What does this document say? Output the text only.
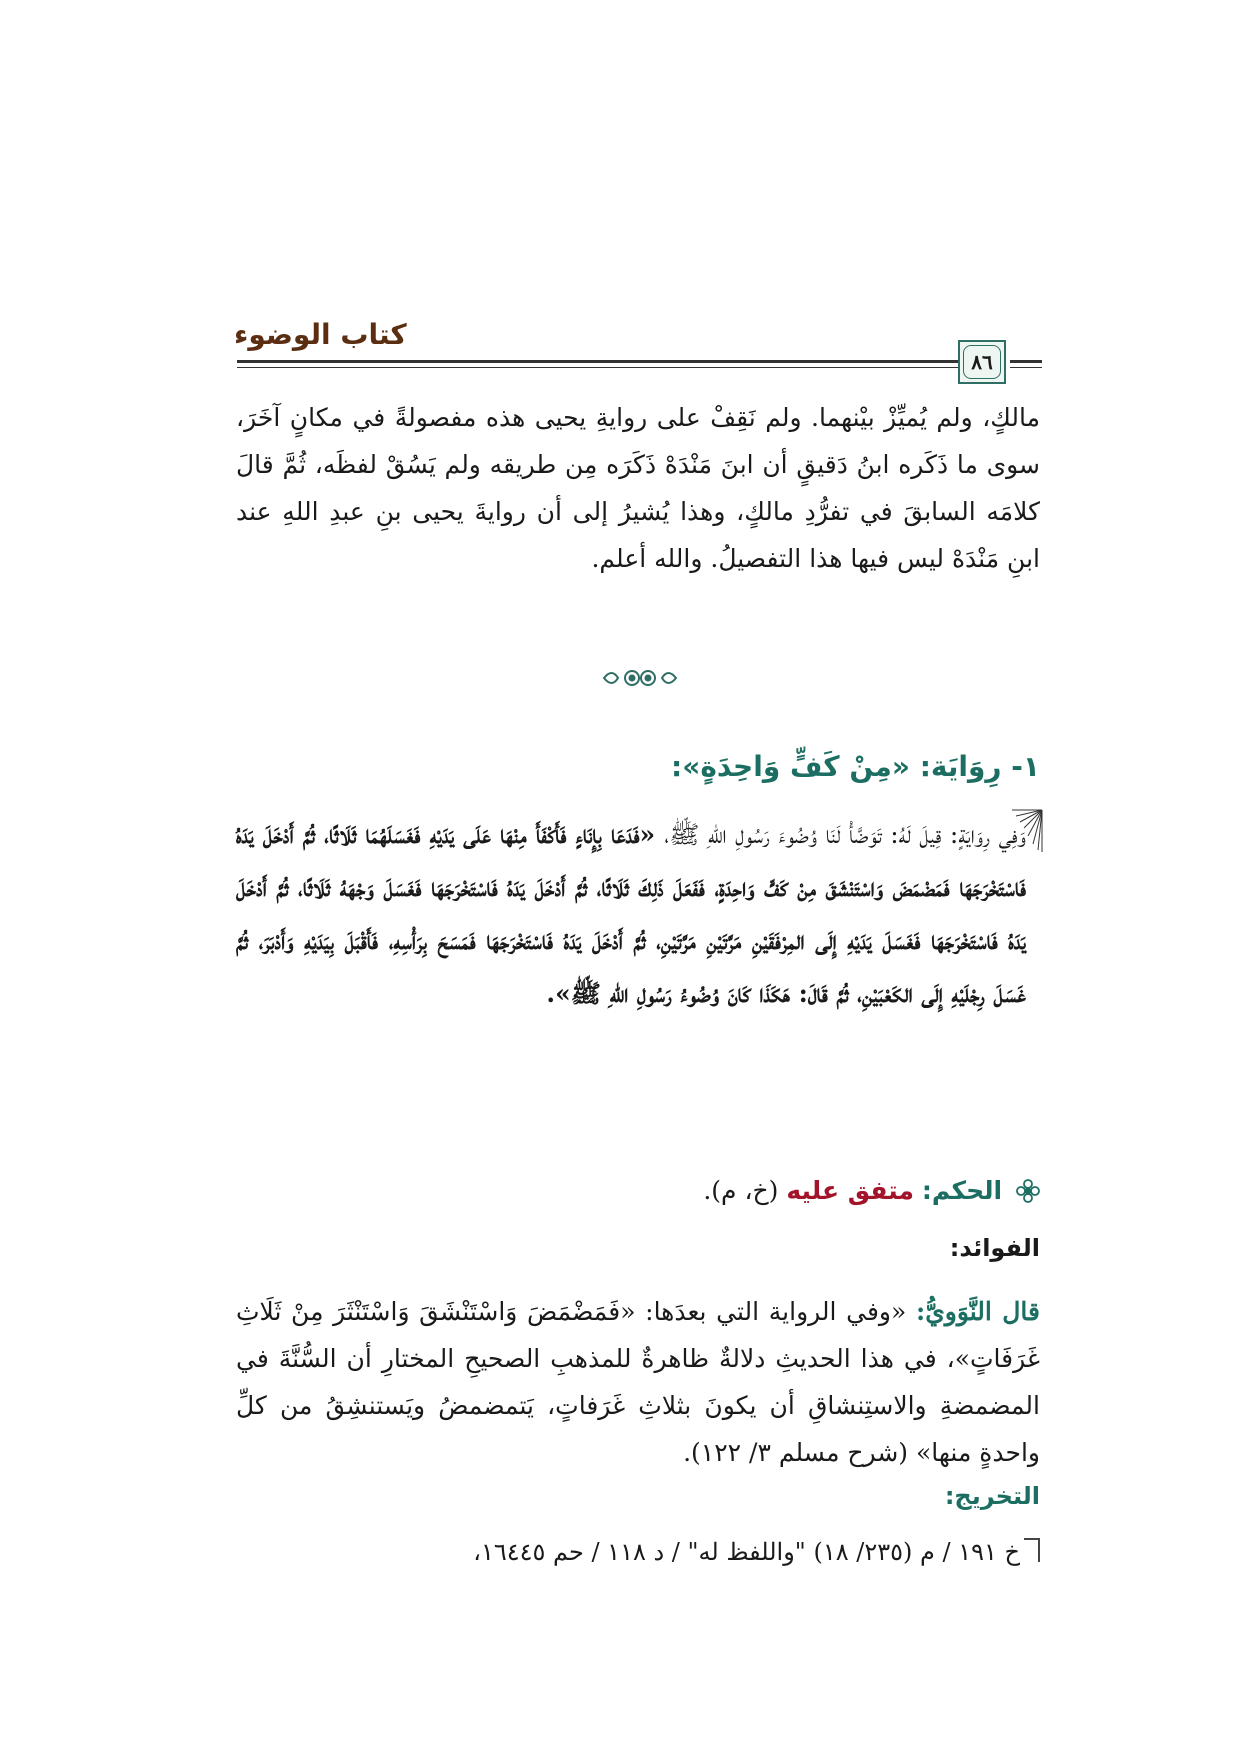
كتاب الوضوء
٨٦
مالكٍ، ولم يُميِّزْ بيْنهما. ولم نَقِفْ على روايةِ يحيى هذه مفصولةً في مكانٍ آخَرَ، سوى ما ذَكَره ابنُ دَقيقٍ أن ابنَ مَنْدَهْ ذَكَرَه مِن طريقه ولم يَسُقْ لفظَه، ثُمَّ قالَ كلامَه السابقَ في تفرُّدِ مالكٍ، وهذا يُشيرُ إلى أن روايةَ يحيى بنِ عبدِ اللهِ عند ابنِ مَنْدَهْ ليس فيها هذا التفصيلُ. والله أعلم.
١- رِوَايَة: «مِنْ كَفٍّ وَاحِدَةٍ»:
وَفِي رِوَايَةٍ: قِيلَ لَهُ: تَوَضَّأْ لَنَا وُضُوءَ رَسُولِ اللهِ ﷺ، «فَدَعَا بِإِنَاءٍ فَأَكْفَأَ مِنْهَا عَلَى يَدَيْهِ فَغَسَلَهُمَا ثَلَاثًا، ثُمَّ أَدْخَلَ يَدَهُ فَاسْتَخْرَجَهَا فَمَضْمَضَ وَاسْتَنْشَقَ مِنْ كَفٍّ وَاحِدَةٍ، فَفَعَلَ ذَلِكَ ثَلَاثًا، ثُمَّ أَدْخَلَ يَدَهُ فَاسْتَخْرَجَهَا فَغَسَلَ وَجْهَهُ ثَلَاثًا، ثُمَّ أَدْخَلَ يَدَهُ فَاسْتَخْرَجَهَا فَغَسَلَ يَدَيْهِ إِلَى المِرْفَقَيْنِ مَرَّتَيْنِ مَرَّتَيْنِ، ثُمَّ أَدْخَلَ يَدَهُ فَاسْتَخْرَجَهَا فَمَسَحَ بِرَأْسِهِ، فَأَقْبَلَ بِيَدَيْهِ وَأَدْبَرَ، ثُمَّ غَسَلَ رِجْلَيْهِ إِلَى الكَعْبَيْنِ، ثُمَّ قَالَ: هَكَذَا كَانَ وُضُوءُ رَسُولِ اللهِ ﷺ».
الحكم: متفق عليه (خ، م).
الفوائد:
قال النَّوَويُّ: «وفي الرواية التي بعدَها: «فَمَضْمَضَ وَاسْتَنْشَقَ وَاسْتَنْثَرَ مِنْ ثَلَاثِ غَرَفَاتٍ»، في هذا الحديثِ دلالةٌ ظاهرةٌ للمذهبِ الصحيحِ المختارِ أن السُّنَّةَ في المضمضةِ والاستِنشاقِ أن يكونَ بثلاثِ غَرَفاتٍ، يَتمضمضُ ويَستنشِقُ من كلِّ واحدةٍ منها» (شرح مسلم ٣/ ١٢٢).
التخريج:
خ ١٩١ / م (٢٣٥/ ١٨) "واللفظ له" / د ١١٨ / حم ١٦٤٤٥،
